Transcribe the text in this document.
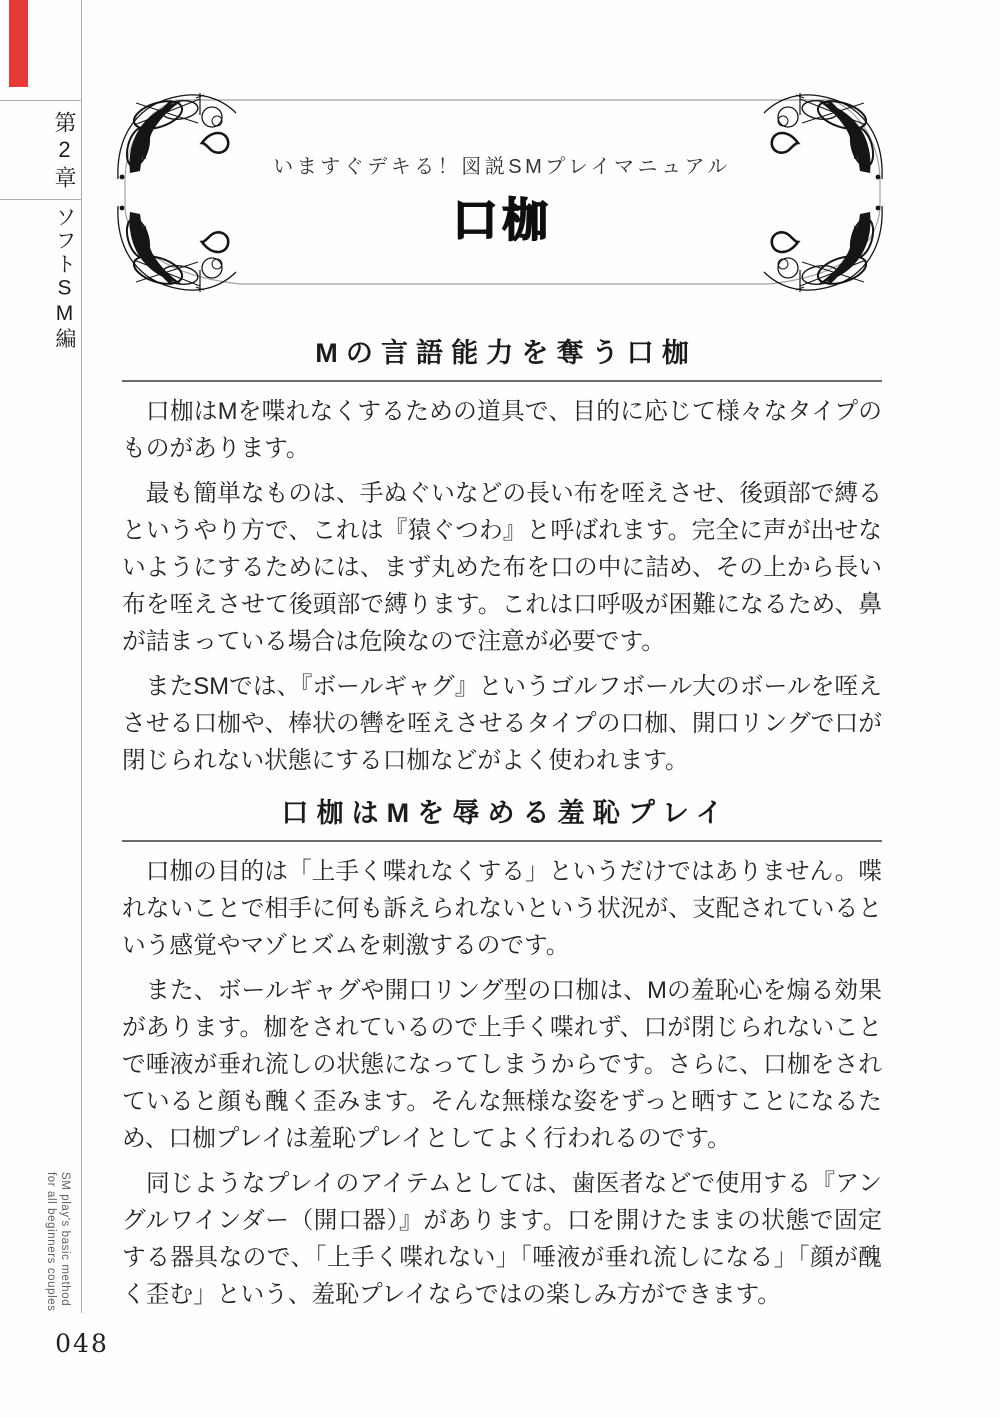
第2章
ソフトSM編
いますぐデキる！図説SMプレイマニュアル
口枷
Mの言語能力を奪う口枷

　口枷はMを喋れなくするための道具で、目的に応じて様々なタイプのものがあります。

　最も簡単なものは、手ぬぐいなどの長い布を咥えさせ、後頭部で縛るというやり方で、これは『猿ぐつわ』と呼ばれます。完全に声が出せないようにするためには、まず丸めた布を口の中に詰め、その上から長い布を咥えさせて後頭部で縛ります。これは口呼吸が困難になるため、鼻が詰まっている場合は危険なので注意が必要です。

　またSMでは、『ボールギャグ』というゴルフボール大のボールを咥えさせる口枷や、棒状の轡を咥えさせるタイプの口枷、開口リングで口が閉じられない状態にする口枷などがよく使われます。

口枷はMを辱める羞恥プレイ

　口枷の目的は「上手く喋れなくする」というだけではありません。喋れないことで相手に何も訴えられないという状況が、支配されているという感覚やマゾヒズムを刺激するのです。

　また、ボールギャグや開口リング型の口枷は、Mの羞恥心を煽る効果があります。枷をされているので上手く喋れず、口が閉じられないことで唾液が垂れ流しの状態になってしまうからです。さらに、口枷をされていると顔も醜く歪みます。そんな無様な姿をずっと晒すことになるため、口枷プレイは羞恥プレイとしてよく行われるのです。

　同じようなプレイのアイテムとしては、歯医者などで使用する『アングルワインダー（開口器）』があります。口を開けたままの状態で固定する器具なので、「上手く喋れない」「唾液が垂れ流しになる」「顔が醜く歪む」という、羞恥プレイならではの楽しみ方ができます。

SM play's basic method
for all beginners couples
048
